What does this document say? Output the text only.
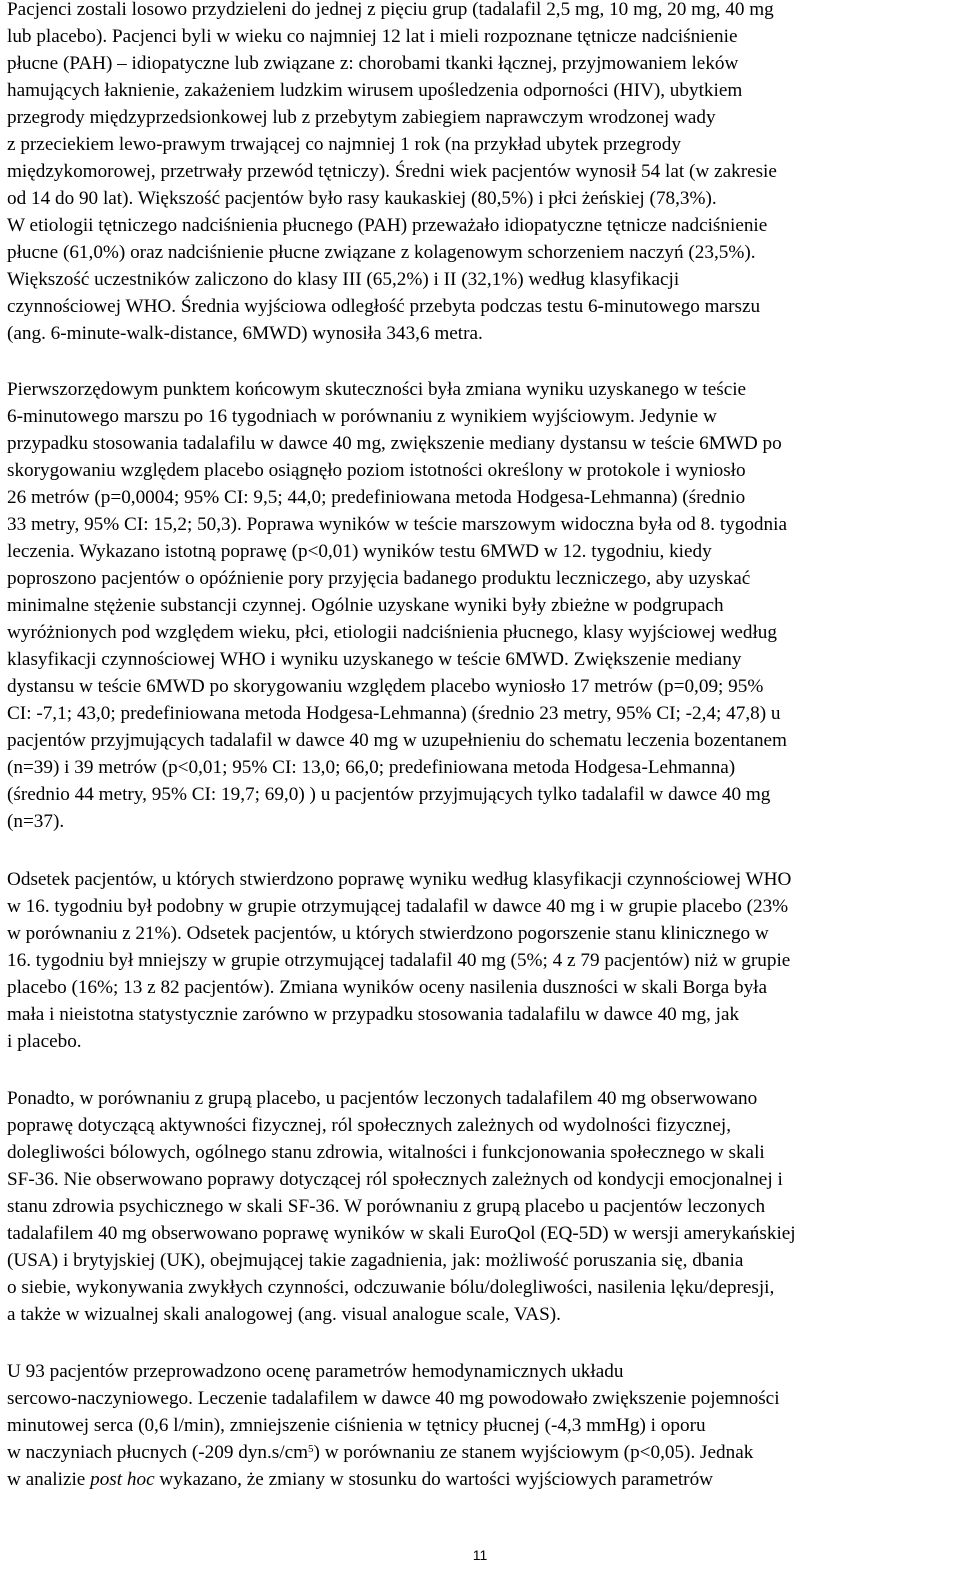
Pacjenci zostali losowo przydzieleni do jednej z pięciu grup (tadalafil 2,5 mg, 10 mg, 20 mg, 40 mg
lub placebo). Pacjenci byli w wieku co najmniej 12 lat i mieli rozpoznane tętnicze nadciśnienie
płucne (PAH) – idiopatyczne lub związane z: chorobami tkanki łącznej, przyjmowaniem leków
hamujących łaknienie, zakażeniem ludzkim wirusem upośledzenia odporności (HIV), ubytkiem
przegrody międzyprzedsionkowej lub z przebytym zabiegiem naprawczym wrodzonej wady
z przeciekiem lewo-prawym trwającej co najmniej 1 rok (na przykład ubytek przegrody
międzykomorowej, przetrwały przewód tętniczy). Średni wiek pacjentów wynosił 54 lat (w zakresie
od 14 do 90 lat). Większość pacjentów było rasy kaukaskiej (80,5%) i płci żeńskiej (78,3%).
W etiologii tętniczego nadciśnienia płucnego (PAH) przeważało idiopatyczne tętnicze nadciśnienie
płucne (61,0%) oraz nadciśnienie płucne związane z kolagenowym schorzeniem naczyń (23,5%).
Większość uczestników zaliczono do klasy III (65,2%) i II (32,1%) według klasyfikacji
czynnościowej WHO. Średnia wyjściowa odległość przebyta podczas testu 6-minutowego marszu
(ang. 6-minute-walk-distance, 6MWD) wynosiła 343,6 metra.
Pierwszorzędowym punktem końcowym skuteczności była zmiana wyniku uzyskanego w teście
6-minutowego marszu po 16 tygodniach w porównaniu z wynikiem wyjściowym. Jedynie w
przypadku stosowania tadalafilu w dawce 40 mg, zwiększenie mediany dystansu w teście 6MWD po
skorygowaniu względem placebo osiągnęło poziom istotności określony w protokole i wyniosło
26 metrów (p=0,0004; 95% CI: 9,5; 44,0; predefiniowana metoda Hodgesa-Lehmanna) (średnio
33 metry, 95% CI: 15,2; 50,3). Poprawa wyników w teście marszowym widoczna była od 8. tygodnia
leczenia. Wykazano istotną poprawę (p<0,01) wyników testu 6MWD w 12. tygodniu, kiedy
poproszono pacjentów o opóźnienie pory przyjęcia badanego produktu leczniczego, aby uzyskać
minimalne stężenie substancji czynnej. Ogólnie uzyskane wyniki były zbieżne w podgrupach
wyróżnionych pod względem wieku, płci, etiologii nadciśnienia płucnego, klasy wyjściowej według
klasyfikacji czynnościowej WHO i wyniku uzyskanego w teście 6MWD. Zwiększenie mediany
dystansu w teście 6MWD po skorygowaniu względem placebo wyniosło 17 metrów (p=0,09; 95%
CI: -7,1; 43,0; predefiniowana metoda Hodgesa-Lehmanna) (średnio 23 metry, 95% CI; -2,4; 47,8) u
pacjentów przyjmujących tadalafil w dawce 40 mg w uzupełnieniu do schematu leczenia bozentanem
(n=39) i 39 metrów (p<0,01; 95% CI: 13,0; 66,0; predefiniowana metoda Hodgesa-Lehmanna)
(średnio 44 metry, 95% CI: 19,7; 69,0) ) u pacjentów przyjmujących tylko tadalafil w dawce 40 mg
(n=37).
Odsetek pacjentów, u których stwierdzono poprawę wyniku według klasyfikacji czynnościowej WHO
w 16. tygodniu był podobny w grupie otrzymującej tadalafil w dawce 40 mg i w grupie placebo (23%
w porównaniu z 21%). Odsetek pacjentów, u których stwierdzono pogorszenie stanu klinicznego w
16. tygodniu był mniejszy w grupie otrzymującej tadalafil 40 mg (5%; 4 z 79 pacjentów) niż w grupie
placebo (16%; 13 z 82 pacjentów). Zmiana wyników oceny nasilenia duszności w skali Borga była
mała i nieistotna statystycznie zarówno w przypadku stosowania tadalafilu w dawce 40 mg, jak
i placebo.
Ponadto, w porównaniu z grupą placebo, u pacjentów leczonych tadalafilem 40 mg obserwowano
poprawę dotyczącą aktywności fizycznej, ról społecznych zależnych od wydolności fizycznej,
dolegliwości bólowych, ogólnego stanu zdrowia, witalności i funkcjonowania społecznego w skali
SF-36. Nie obserwowano poprawy dotyczącej ról społecznych zależnych od kondycji emocjonalnej i
stanu zdrowia psychicznego w skali SF-36. W porównaniu z grupą placebo u pacjentów leczonych
tadalafilem 40 mg obserwowano poprawę wyników w skali EuroQol (EQ-5D) w wersji amerykańskiej
(USA) i brytyjskiej (UK), obejmującej takie zagadnienia, jak: możliwość poruszania się, dbania
o siebie, wykonywania zwykłych czynności, odczuwanie bólu/dolegliwości, nasilenia lęku/depresji,
a także w wizualnej skali analogowej (ang. visual analogue scale, VAS).
U 93 pacjentów przeprowadzono ocenę parametrów hemodynamicznych układu
sercowo-naczyniowego. Leczenie tadalafilem w dawce 40 mg powodowało zwiększenie pojemności
minutowej serca (0,6 l/min), zmniejszenie ciśnienia w tętnicy płucnej (-4,3 mmHg) i oporu
w naczyniach płucnych (-209 $dyn.s/cm^5$) w porównaniu ze stanem wyjściowym (p<0,05). Jednak
w analizie post hoc wykazano, że zmiany w stosunku do wartości wyjściowych parametrów
11
